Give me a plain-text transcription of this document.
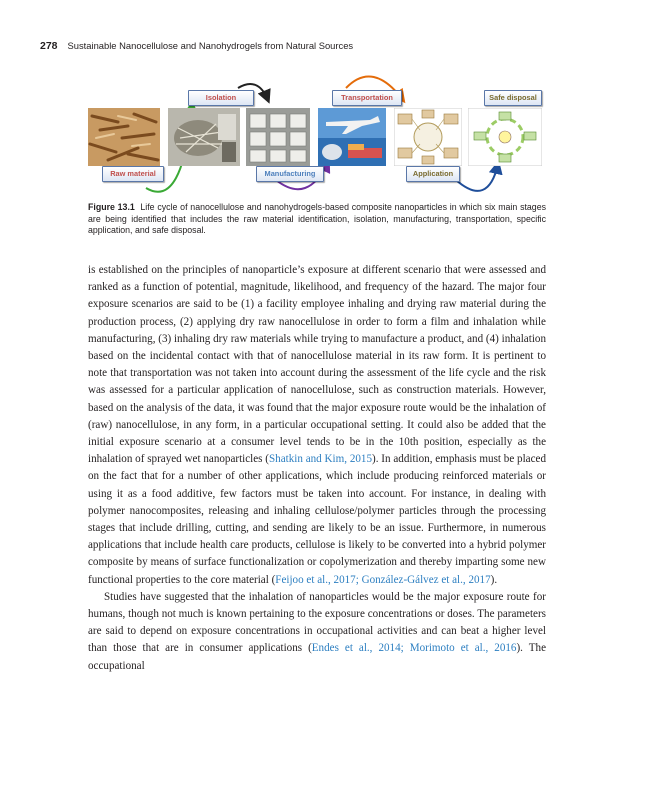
278 Sustainable Nanocellulose and Nanohydrogels from Natural Sources
Isolation	Transportation	Safe disposal
Raw material	Manufacturing	Application
Figure 13.1 Life cycle of nanocellulose and nanohydrogels-based composite nanoparticles in which six main stages are being identified that includes the raw material identification, isolation, manufacturing, transportation, specific application, and safe disposal.

is established on the principles of nanoparticle’s exposure at different scenario that were assessed and ranked as a function of potential, magnitude, likelihood, and frequency of the hazard. The major four exposure scenarios are said to be (1) a facility employee inhaling and drying raw material during the production process, (2) applying dry raw nanocellulose in order to form a film and inhalation while manufacturing, (3) inhaling dry raw materials while trying to manufacture a product, and (4) inhalation based on the incidental contact with that of nanocellulose material in its raw form. It is pertinent to note that transportation was not taken into account during the assessment of the life cycle and the risk was assessed for a particular application of nanocellulose, such as construction materials. However, based on the analysis of the data, it was found that the major exposure route would be the inhalation of (raw) nanocellulose, in any form, in a particular occupational setting. It could also be added that the initial exposure scenario at a consumer level tends to be in the 10th position, especially as the inhalation of sprayed wet nanoparticles (Shatkin and Kim, 2015). In addition, emphasis must be placed on the fact that for a number of other applications, which include producing reinforced materials or using it as a food additive, few factors must be taken into account. For instance, in dealing with polymer nanocomposites, releasing and inhaling cellulose/polymer particles through the processing stages that include drilling, cutting, and sending are likely to be an issue. Furthermore, in numerous applications that include health care products, cellulose is likely to be converted into a hybrid polymer composite by means of surface functionalization or copolymerization and thereby imparting some new functional properties to the core material (Feijoo et al., 2017; González-Gálvez et al., 2017).

Studies have suggested that the inhalation of nanoparticles would be the major exposure route for humans, though not much is known pertaining to the exposure concentrations or doses. The parameters are said to depend on exposure concentrations in occupational activities and can beat a higher level than those that are in consumer applications (Endes et al., 2014; Morimoto et al., 2016). The occupational
